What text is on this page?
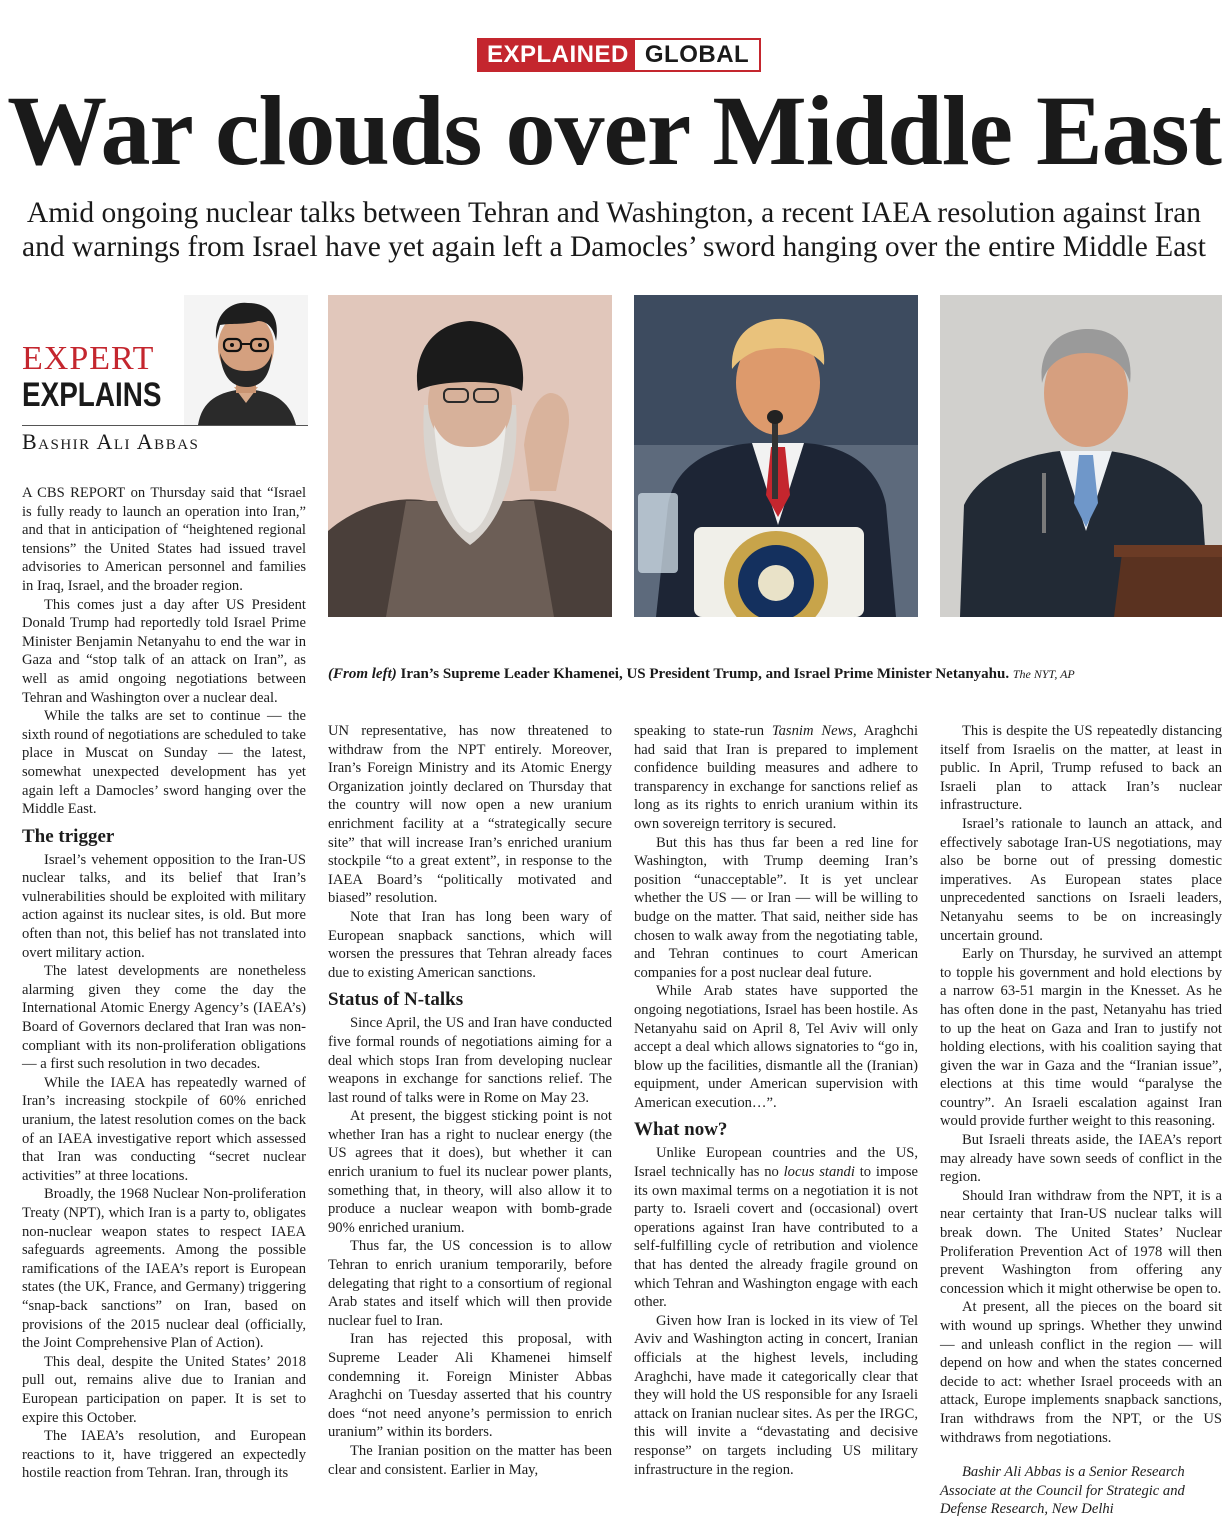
EXPLAINED GLOBAL
War clouds over Middle East

Amid ongoing nuclear talks between Tehran and Washington, a recent IAEA resolution against Iran and warnings from Israel have yet again left a Damocles’ sword hanging over the entire Middle East

EXPERT
EXPLAINS
Bashir Ali Abbas
(From left) Iran’s Supreme Leader Khamenei, US President Trump, and Israel Prime Minister Netanyahu. The NYT, AP

A CBS REPORT on Thursday said that “Israel is fully ready to launch an operation into Iran,” and that in anticipation of “heightened regional tensions” the United States had issued travel advisories to American personnel and families in Iraq, Israel, and the broader region.

This comes just a day after US President Donald Trump had reportedly told Israel Prime Minister Benjamin Netanyahu to end the war in Gaza and “stop talk of an attack on Iran”, as well as amid ongoing negotiations between Tehran and Washington over a nuclear deal.

While the talks are set to continue — the sixth round of negotiations are scheduled to take place in Muscat on Sunday — the latest, somewhat unexpected development has yet again left a Damocles’ sword hanging over the Middle East.

The trigger

Israel’s vehement opposition to the Iran-US nuclear talks, and its belief that Iran’s vulnerabilities should be exploited with military action against its nuclear sites, is old. But more often than not, this belief has not translated into overt military action.

The latest developments are nonetheless alarming given they come the day the International Atomic Energy Agency’s (IAEA’s) Board of Governors declared that Iran was non-compliant with its non-proliferation obligations — a first such resolution in two decades.

While the IAEA has repeatedly warned of Iran’s increasing stockpile of 60% enriched uranium, the latest resolution comes on the back of an IAEA investigative report which assessed that Iran was conducting “secret nuclear activities” at three locations.

Broadly, the 1968 Nuclear Non-proliferation Treaty (NPT), which Iran is a party to, obligates non-nuclear weapon states to respect IAEA safeguards agreements. Among the possible ramifications of the IAEA’s report is European states (the UK, France, and Germany) triggering “snap-back sanctions” on Iran, based on provisions of the 2015 nuclear deal (officially, the Joint Comprehensive Plan of Action).

This deal, despite the United States’ 2018 pull out, remains alive due to Iranian and European participation on paper. It is set to expire this October.

The IAEA’s resolution, and European reactions to it, have triggered an expectedly hostile reaction from Tehran. Iran, through its

UN representative, has now threatened to withdraw from the NPT entirely. Moreover, Iran’s Foreign Ministry and its Atomic Energy Organization jointly declared on Thursday that the country will now open a new uranium enrichment facility at a “strategically secure site” that will increase Iran’s enriched uranium stockpile “to a great extent”, in response to the IAEA Board’s “politically motivated and biased” resolution.

Note that Iran has long been wary of European snapback sanctions, which will worsen the pressures that Tehran already faces due to existing American sanctions.

Status of N-talks

Since April, the US and Iran have conducted five formal rounds of negotiations aiming for a deal which stops Iran from developing nuclear weapons in exchange for sanctions relief. The last round of talks were in Rome on May 23.

At present, the biggest sticking point is not whether Iran has a right to nuclear energy (the US agrees that it does), but whether it can enrich uranium to fuel its nuclear power plants, something that, in theory, will also allow it to produce a nuclear weapon with bomb-grade 90% enriched uranium.

Thus far, the US concession is to allow Tehran to enrich uranium temporarily, before delegating that right to a consortium of regional Arab states and itself which will then provide nuclear fuel to Iran.

Iran has rejected this proposal, with Supreme Leader Ali Khamenei himself condemning it. Foreign Minister Abbas Araghchi on Tuesday asserted that his country does “not need anyone’s permission to enrich uranium” within its borders.

The Iranian position on the matter has been clear and consistent. Earlier in May,

speaking to state-run Tasnim News, Araghchi had said that Iran is prepared to implement confidence building measures and adhere to transparency in exchange for sanctions relief as long as its rights to enrich uranium within its own sovereign territory is secured.

But this has thus far been a red line for Washington, with Trump deeming Iran’s position “unacceptable”. It is yet unclear whether the US — or Iran — will be willing to budge on the matter. That said, neither side has chosen to walk away from the negotiating table, and Tehran continues to court American companies for a post nuclear deal future.

While Arab states have supported the ongoing negotiations, Israel has been hostile. As Netanyahu said on April 8, Tel Aviv will only accept a deal which allows signatories to “go in, blow up the facilities, dismantle all the (Iranian) equipment, under American supervision with American execution…”.

What now?

Unlike European countries and the US, Israel technically has no locus standi to impose its own maximal terms on a negotiation it is not party to. Israeli covert and (occasional) overt operations against Iran have contributed to a self-fulfilling cycle of retribution and violence that has dented the already fragile ground on which Tehran and Washington engage with each other.

Given how Iran is locked in its view of Tel Aviv and Washington acting in concert, Iranian officials at the highest levels, including Araghchi, have made it categorically clear that they will hold the US responsible for any Israeli attack on Iranian nuclear sites. As per the IRGC, this will invite a “devastating and decisive response” on targets including US military infrastructure in the region.

This is despite the US repeatedly distancing itself from Israelis on the matter, at least in public. In April, Trump refused to back an Israeli plan to attack Iran’s nuclear infrastructure.

Israel’s rationale to launch an attack, and effectively sabotage Iran-US negotiations, may also be borne out of pressing domestic imperatives. As European states place unprecedented sanctions on Israeli leaders, Netanyahu seems to be on increasingly uncertain ground.

Early on Thursday, he survived an attempt to topple his government and hold elections by a narrow 63-51 margin in the Knesset. As he has often done in the past, Netanyahu has tried to up the heat on Gaza and Iran to justify not holding elections, with his coalition saying that given the war in Gaza and the “Iranian issue”, elections at this time would “paralyse the country”. An Israeli escalation against Iran would provide further weight to this reasoning.

But Israeli threats aside, the IAEA’s report may already have sown seeds of conflict in the region.

Should Iran withdraw from the NPT, it is a near certainty that Iran-US nuclear talks will break down. The United States’ Nuclear Proliferation Prevention Act of 1978 will then prevent Washington from offering any concession which it might otherwise be open to.

At present, all the pieces on the board sit with wound up springs. Whether they unwind — and unleash conflict in the region — will depend on how and when the states concerned decide to act: whether Israel proceeds with an attack, Europe implements snapback sanctions, Iran withdraws from the NPT, or the US withdraws from negotiations.

Bashir Ali Abbas is a Senior Research Associate at the Council for Strategic and Defense Research, New Delhi
